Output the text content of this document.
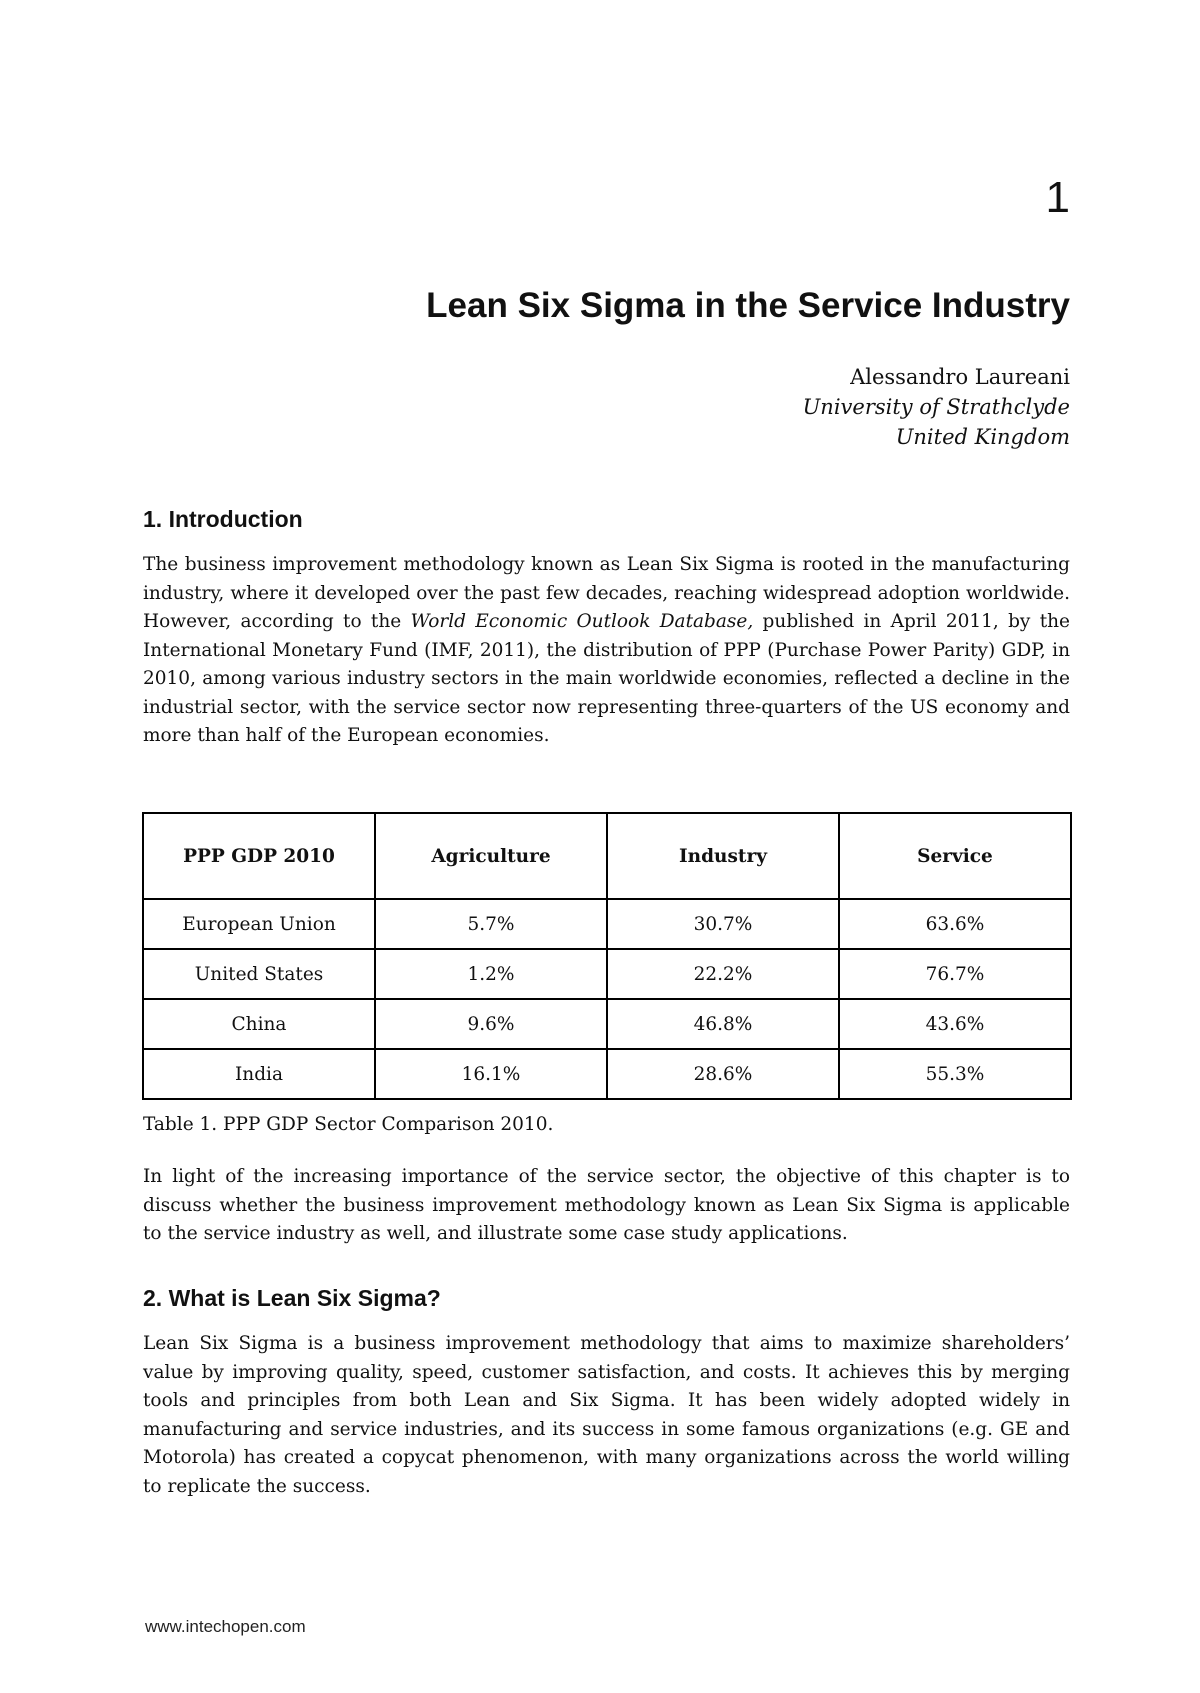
1
Lean Six Sigma in the Service Industry
Alessandro Laureani
University of Strathclyde
United Kingdom
1. Introduction

The business improvement methodology known as Lean Six Sigma is rooted in the manufacturing industry, where it developed over the past few decades, reaching widespread adoption worldwide. However, according to the World Economic Outlook Database, published in April 2011, by the International Monetary Fund (IMF, 2011), the distribution of PPP (Purchase Power Parity) GDP, in 2010, among various industry sectors in the main worldwide economies, reflected a decline in the industrial sector, with the service sector now representing three-quarters of the US economy and more than half of the European economies.

PPP GDP 2010	Agriculture	Industry	Service
European Union	5.7%	30.7%	63.6%
United States	1.2%	22.2%	76.7%
China	9.6%	46.8%	43.6%
India	16.1%	28.6%	55.3%

Table 1. PPP GDP Sector Comparison 2010.

In light of the increasing importance of the service sector, the objective of this chapter is to discuss whether the business improvement methodology known as Lean Six Sigma is applicable to the service industry as well, and illustrate some case study applications.

2. What is Lean Six Sigma?

Lean Six Sigma is a business improvement methodology that aims to maximize shareholders’ value by improving quality, speed, customer satisfaction, and costs. It achieves this by merging tools and principles from both Lean and Six Sigma. It has been widely adopted widely in manufacturing and service industries, and its success in some famous organizations (e.g. GE and Motorola) has created a copycat phenomenon, with many organizations across the world willing to replicate the success.

www.intechopen.com
